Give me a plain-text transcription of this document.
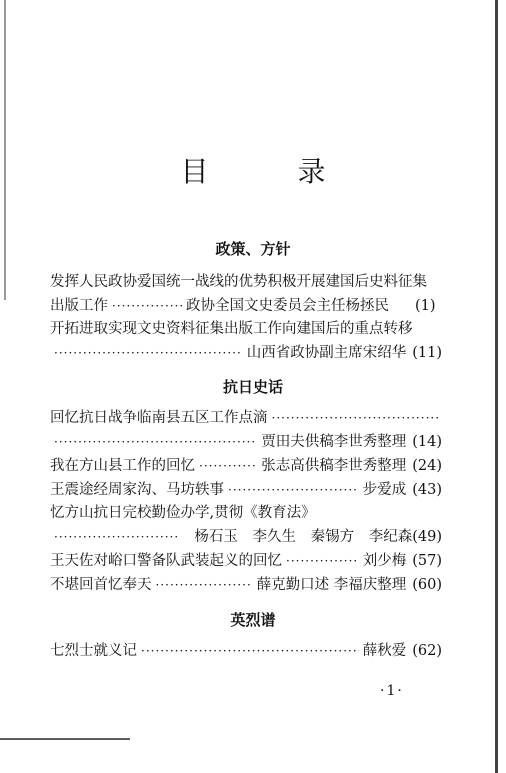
目 录
政策、方针
发挥人民政协爱国统一战线的优势积极开展建国后史料征集
出版工作 ·····	政协全国文史委员会主任杨拯民 (1)
开拓进取实现文史资料征集出版工作向建国后的重点转移
·····
山西省政协副主席宋绍华 (11)
抗日史话
回忆抗日战争临南县五区工作点滴
·····
·····
贾田夫供稿李世秀整理 (14)
我在方山县工作的回忆 ·····	张志高供稿李世秀整理 (24)
王震途经周家沟、马坊轶事 ·····	步爱成 (43)
忆方山抗日完校勤俭办学,贯彻《教育法》
·····
杨石玉 李久生 秦锡方 李纪森 (49)
王天佐对峪口警备队武装起义的回忆 ·····	刘少梅 (57)
不堪回首忆奉天 ·····	薛克勤口述 李福庆整理 (60)
英烈谱
七烈士就义记 ·····	薛秋爱 (62)
·1·
